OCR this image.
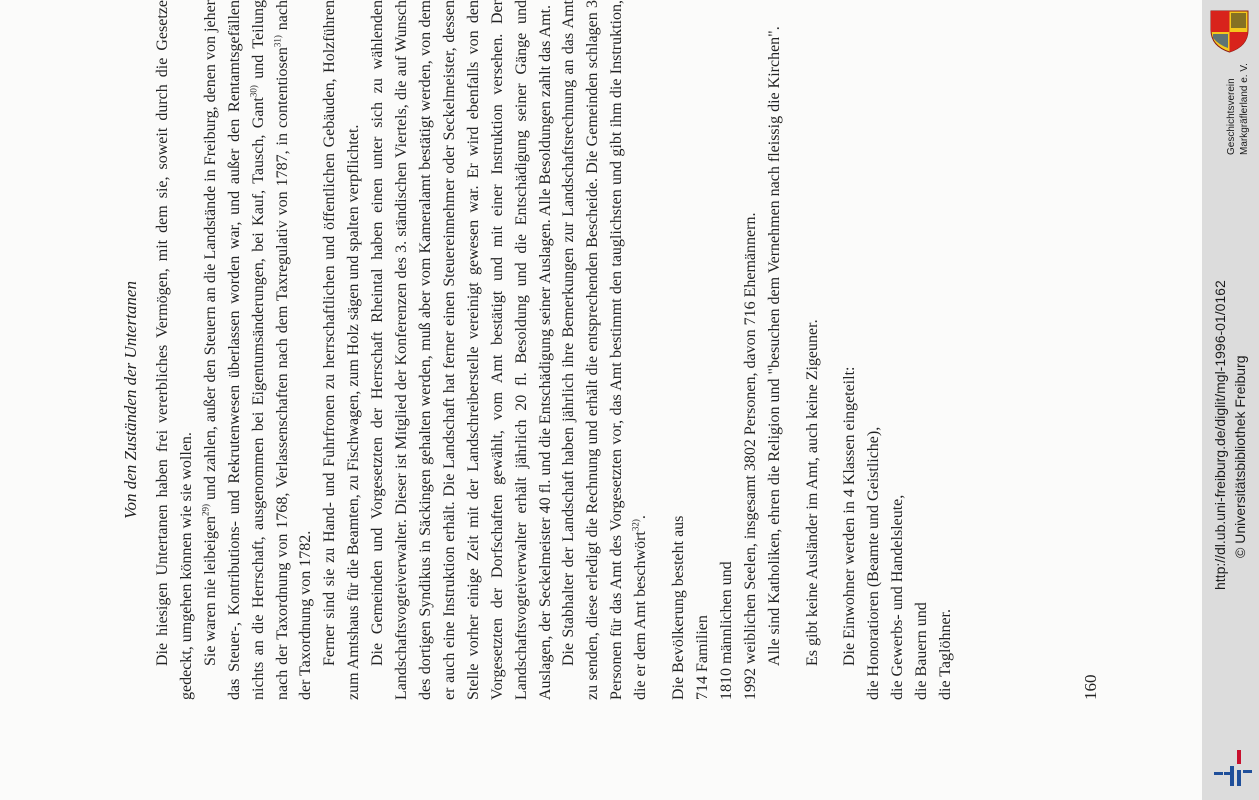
Von den Zuständen der Untertanen Die hiesigen Untertanen haben frei vererbliches Vermögen, mit dem sie, soweit durch die Gesetze gedeckt, umgehen können wie sie wollen. Sie waren nie leibeigen$^{29)}$ und zahlen, außer den Steuern an die Landstände in Freiburg, denen von jeher das Steuer-, Kontributions- und Rekrutenwesen überlassen worden war, und außer den Rentamtsgefällen nichts an die Herrschaft, ausgenommen bei Eigentumsänderungen, bei Kauf, Tausch, Gant$^{30)}$ und Teilung nach der Taxordnung von 1768, Verlassenschaften nach dem Taxregulativ von 1787, in contentiosen$^{31)}$ nach der Taxordnung von 1782. Ferner sind sie zu Hand- und Fuhrfronen zu herrschaftlichen und öffentlichen Gebäuden, Holzführen zum Amtshaus für die Beamten, zu Fischwagen, zum Holz sägen und spalten verpflichtet. Die Gemeinden und Vorgesetzten der Herrschaft Rheintal haben einen unter sich zu wählenden Landschaftsvogteiverwalter. Dieser ist Mitglied der Konferenzen des 3. ständischen Viertels, die auf Wunsch des dortigen Syndikus in Säckingen gehalten werden, muß aber vom Kameralamt bestätigt werden, von dem er auch eine Instruktion erhält. Die Landschaft hat ferner einen Steuereinnehmer oder Seckelmeister, dessen Stelle vorher einige Zeit mit der Landschreiberstelle vereinigt gewesen war. Er wird ebenfalls von den Vorgesetzten der Dorfschaften gewählt, vom Amt bestätigt und mit einer Instruktion versehen. Der Landschaftsvogteiverwalter erhält jährlich 20 fl. Besoldung und die Entschädigung seiner Gänge und Auslagen, der Seckelmeister 40 fl. und die Entschädigung seiner Auslagen. Alle Besoldungen zahlt das Amt. Die Stabhalter der Landschaft haben jährlich ihre Bemerkungen zur Landschaftsrechnung an das Amt zu senden, diese erledigt die Rechnung und erhält die entsprechenden Bescheide. Die Gemeinden schlagen 3 Personen für das Amt des Vorgesetzten vor, das Amt bestimmt den tauglichsten und gibt ihm die Instruktion, die er dem Amt beschwört$^{32)}$. Die Bevölkerung besteht aus 714 Familien 1810 männlichen und 1992 weiblichen Seelen, insgesamt 3802 Personen, davon 716 Ehemännern. Alle sind Katholiken, ehren die Religion und "besuchen dem Vernehmen nach fleissig die Kirchen". Es gibt keine Ausländer im Amt, auch keine Zigeuner. Die Einwohner werden in 4 Klassen eingeteilt: die Honoratioren (Beamte und Geistliche), die Gewerbs- und Handelsleute, die Bauern und die Taglöhner.	160

http://dl.ub.uni-freiburg.de/diglit/mgl-1996-01/0162 © Universitätsbibliothek Freiburg
Geschichtsverein Markgräflerland e. V.
